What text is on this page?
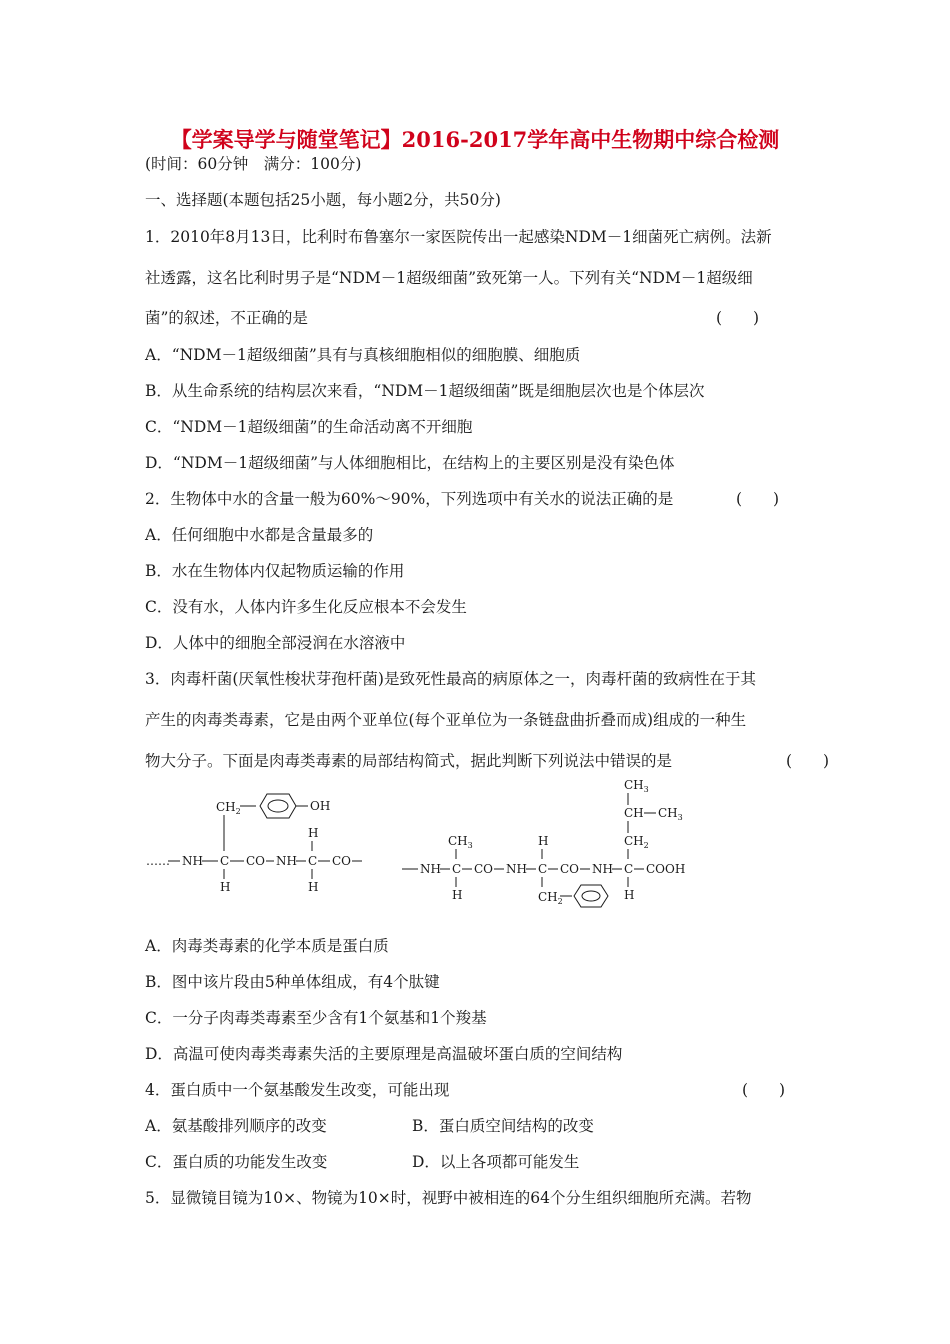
【学案导学与随堂笔记】2016-2017学年高中生物期中综合检测
(时间：60分钟　满分：100分)
一、选择题(本题包括25小题，每小题2分，共50分)
1．2010年8月13日，比利时布鲁塞尔一家医院传出一起感染NDM－1细菌死亡病例。法新
社透露，这名比利时男子是“NDM－1超级细菌”致死第一人。下列有关“NDM－1超级细
菌”的叙述，不正确的是	(　　)
A．“NDM－1超级细菌”具有与真核细胞相似的细胞膜、细胞质
B．从生命系统的结构层次来看，“NDM－1超级细菌”既是细胞层次也是个体层次
C．“NDM－1超级细菌”的生命活动离不开细胞
D．“NDM－1超级细菌”与人体细胞相比，在结构上的主要区别是没有染色体
2．生物体中水的含量一般为60%～90%，下列选项中有关水的说法正确的是	(　　)
A．任何细胞中水都是含量最多的
B．水在生物体内仅起物质运输的作用
C．没有水，人体内许多生化反应根本不会发生
D．人体中的细胞全部浸润在水溶液中
3．肉毒杆菌(厌氧性梭状芽孢杆菌)是致死性最高的病原体之一，肉毒杆菌的致病性在于其
产生的肉毒类毒素，它是由两个亚单位(每个亚单位为一条链盘曲折叠而成)组成的一种生
物大分子。下面是肉毒类毒素的局部结构简式，据此判断下列说法中错误的是	(　　)
…… NH C CO NH C CO
H
$CH_2$	OH
H
H
NH C CO NH C CO NH C COOH
$CH_3$
H
H
$CH_2$
$CH_3$
CH $CH_3$
$CH_2$
H
A．肉毒类毒素的化学本质是蛋白质
B．图中该片段由5种单体组成，有4个肽键
C．一分子肉毒类毒素至少含有1个氨基和1个羧基
D．高温可使肉毒类毒素失活的主要原理是高温破坏蛋白质的空间结构
4．蛋白质中一个氨基酸发生改变，可能出现	(　　)
A．氨基酸排列顺序的改变	B．蛋白质空间结构的改变
C．蛋白质的功能发生改变	D．以上各项都可能发生
5．显微镜目镜为10×、物镜为10×时，视野中被相连的64个分生组织细胞所充满。若物
